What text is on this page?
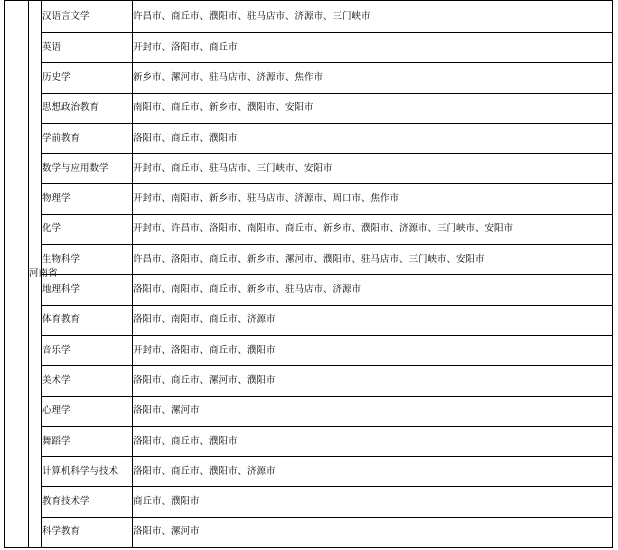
	河南省	汉语言文学	许昌市、商丘市、濮阳市、驻马店市、济源市、三门峡市
		英语	开封市、洛阳市、商丘市
		历史学	新乡市、漯河市、驻马店市、济源市、焦作市
		思想政治教育	南阳市、商丘市、新乡市、濮阳市、安阳市
		学前教育	洛阳市、商丘市、濮阳市
		数学与应用数学	开封市、商丘市、驻马店市、三门峡市、安阳市
		物理学	开封市、南阳市、新乡市、驻马店市、济源市、周口市、焦作市
		化学	开封市、许昌市、洛阳市、南阳市、商丘市、新乡市、濮阳市、济源市、三门峡市、安阳市
		生物科学	许昌市、洛阳市、商丘市、新乡市、漯河市、濮阳市、驻马店市、三门峡市、安阳市
		地理科学	洛阳市、南阳市、商丘市、新乡市、驻马店市、济源市
		体育教育	洛阳市、南阳市、商丘市、济源市
		音乐学	开封市、洛阳市、商丘市、濮阳市
		美术学	洛阳市、商丘市、漯河市、濮阳市
		心理学	洛阳市、漯河市
		舞蹈学	洛阳市、商丘市、濮阳市
		计算机科学与技术	洛阳市、商丘市、濮阳市、济源市
		教育技术学	商丘市、濮阳市
		科学教育	洛阳市、漯河市
